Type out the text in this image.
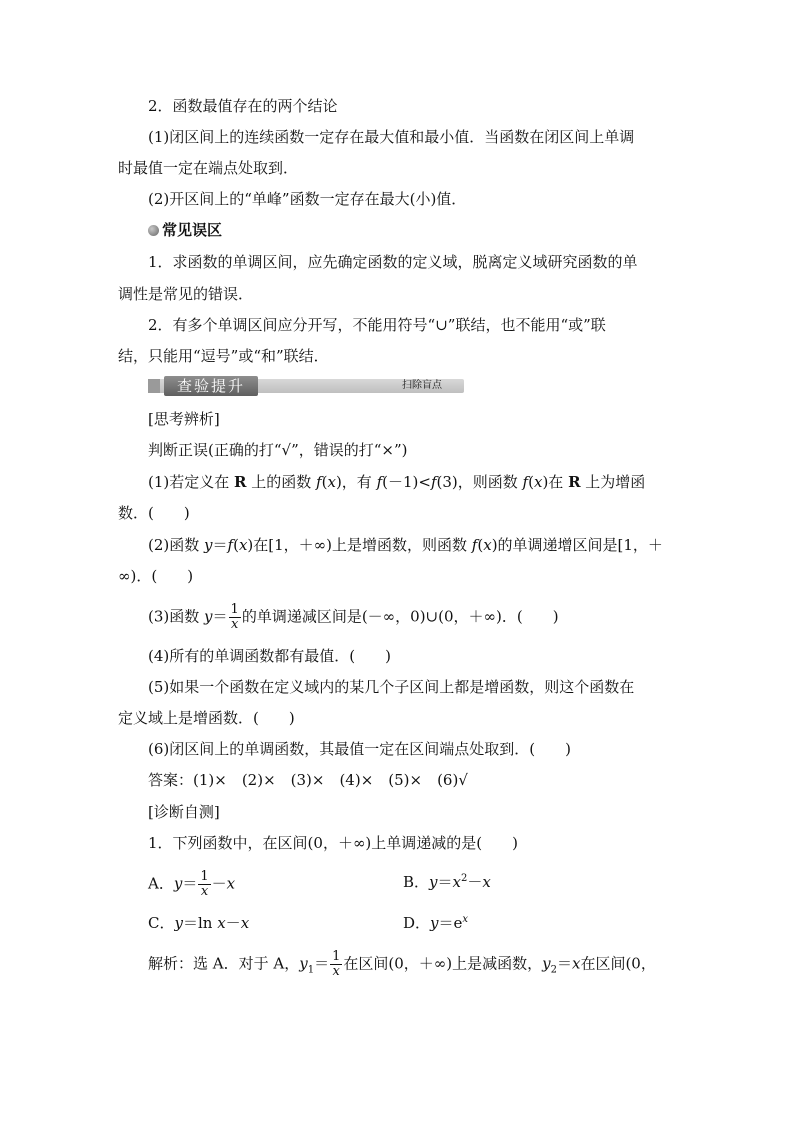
2．函数最值存在的两个结论
(1)闭区间上的连续函数一定存在最大值和最小值．当函数在闭区间上单调
时最值一定在端点处取到．
(2)开区间上的“单峰”函数一定存在最大(小)值．
常见误区
1．求函数的单调区间，应先确定函数的定义域，脱离定义域研究函数的单
调性是常见的错误．
2．有多个单调区间应分开写，不能用符号“∪”联结，也不能用“或”联
结，只能用“逗号”或“和”联结．
查验提升	扫除盲点
[思考辨析]
判断正误(正确的打“√”，错误的打“×”)
(1)若定义在 R 上的函数 f(x)，有 f(－1)<f(3)，则函数 f(x)在 R 上为增函
数．(　　)
(2)函数 y＝f(x)在[1，＋∞)上是增函数，则函数 f(x)的单调递增区间是[1，＋
∞)．(　　)
(3)函数 $y= \frac{1}{x}$ 的单调递减区间是(－∞，0)∪(0，＋∞)．(　　)
(4)所有的单调函数都有最值．(　　)
(5)如果一个函数在定义域内的某几个子区间上都是增函数，则这个函数在
定义域上是增函数．(　　)
(6)闭区间上的单调函数，其最值一定在区间端点处取到．(　　)
答案：(1)×　(2)×　(3)×　(4)×　(5)×　(6)√
[诊断自测]
1．下列函数中，在区间(0，＋∞)上单调递减的是(　　)
A．$y= \frac{1}{x} -x$	B．$y=x^2-x$
C．y＝ln x－x	D．$y=e^x$
解析：选 A．对于 A，$y_1= \frac{1}{x}$ 在区间(0，＋∞)上是减函数，$y_2=x$在区间(0，
